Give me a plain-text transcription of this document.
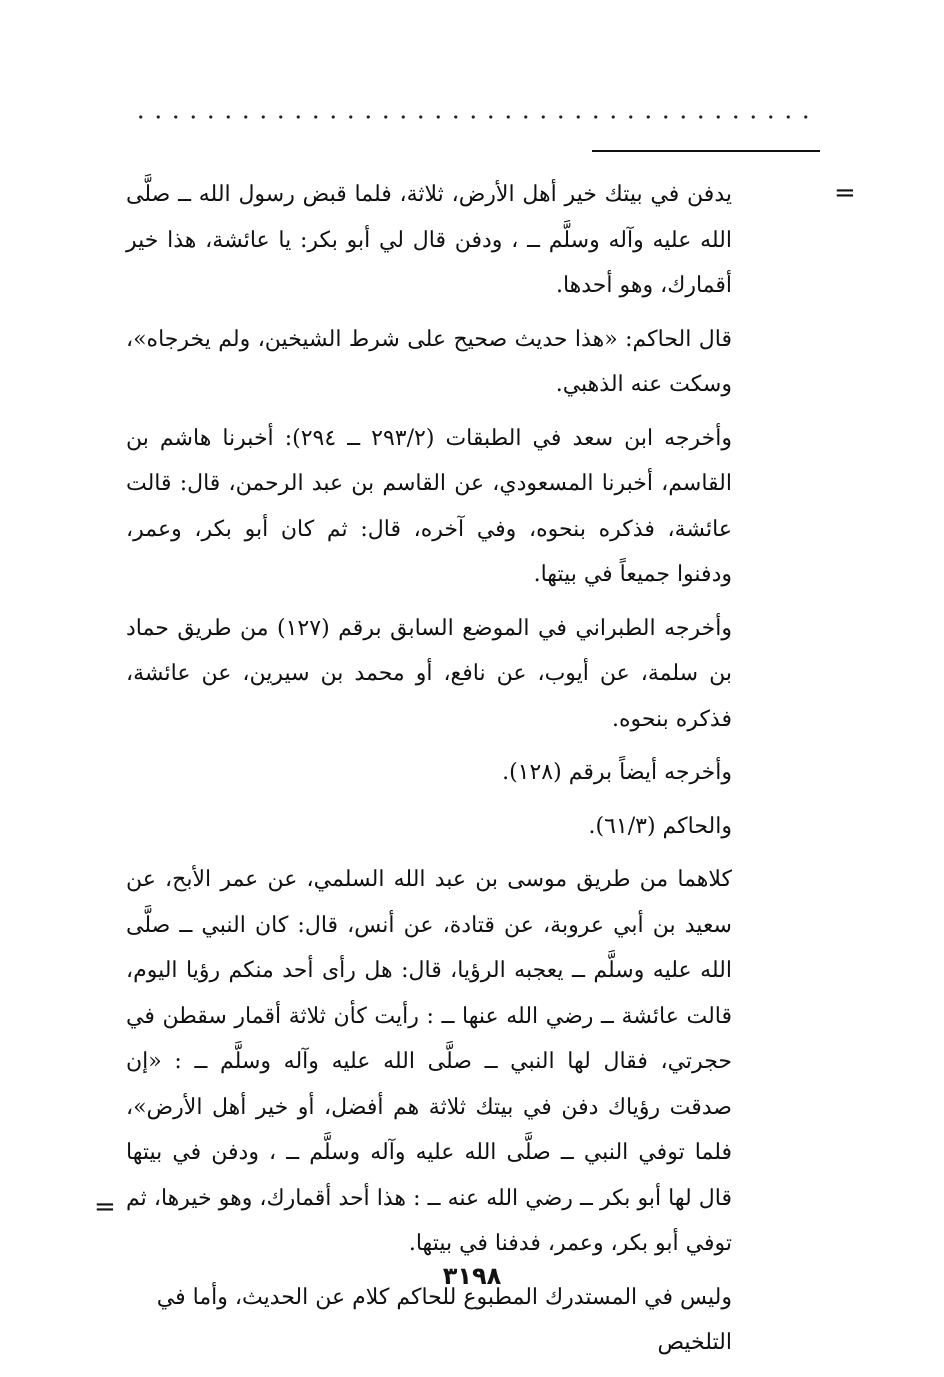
=

يدفن في بيتك خير أهل الأرض، ثلاثة، فلما قبض رسول الله ــ صلَّى الله عليه وآله وسلَّم ــ ، ودفن قال لي أبو بكر: يا عائشة، هذا خير أقمارك، وهو أحدها.

قال الحاكم: «هذا حديث صحيح على شرط الشيخين، ولم يخرجاه»، وسكت عنه الذهبي.

وأخرجه ابن سعد في الطبقات (٢٩٣/٢ ــ ٢٩٤): أخبرنا هاشم بن القاسم، أخبرنا المسعودي، عن القاسم بن عبد الرحمن، قال: قالت عائشة، فذكره بنحوه، وفي آخره، قال: ثم كان أبو بكر، وعمر، ودفنوا جميعاً في بيتها.

وأخرجه الطبراني في الموضع السابق برقم (١٢٧) من طريق حماد بن سلمة، عن أيوب، عن نافع، أو محمد بن سيرين، عن عائشة، فذكره بنحوه.

وأخرجه أيضاً برقم (١٢٨).

والحاكم (٦١/٣).

كلاهما من طريق موسى بن عبد الله السلمي، عن عمر الأبح، عن سعيد بن أبي عروبة، عن قتادة، عن أنس، قال: كان النبي ــ صلَّى الله عليه وسلَّم ــ يعجبه الرؤيا، قال: هل رأى أحد منكم رؤيا اليوم، قالت عائشة ــ رضي الله عنها ــ : رأيت كأن ثلاثة أقمار سقطن في حجرتي، فقال لها النبي ــ صلَّى الله عليه وآله وسلَّم ــ : «إن صدقت رؤياك دفن في بيتك ثلاثة هم أفضل، أو خير أهل الأرض»، فلما توفي النبي ــ صلَّى الله عليه وآله وسلَّم ــ ، ودفن في بيتها قال لها أبو بكر ــ رضي الله عنه ــ : هذا أحد أقمارك، وهو خيرها، ثم توفي أبو بكر، وعمر، فدفنا في بيتها.

وليس في المستدرك المطبوع للحاكم كلام عن الحديث، وأما في التلخيص

=
٣١٩٨
